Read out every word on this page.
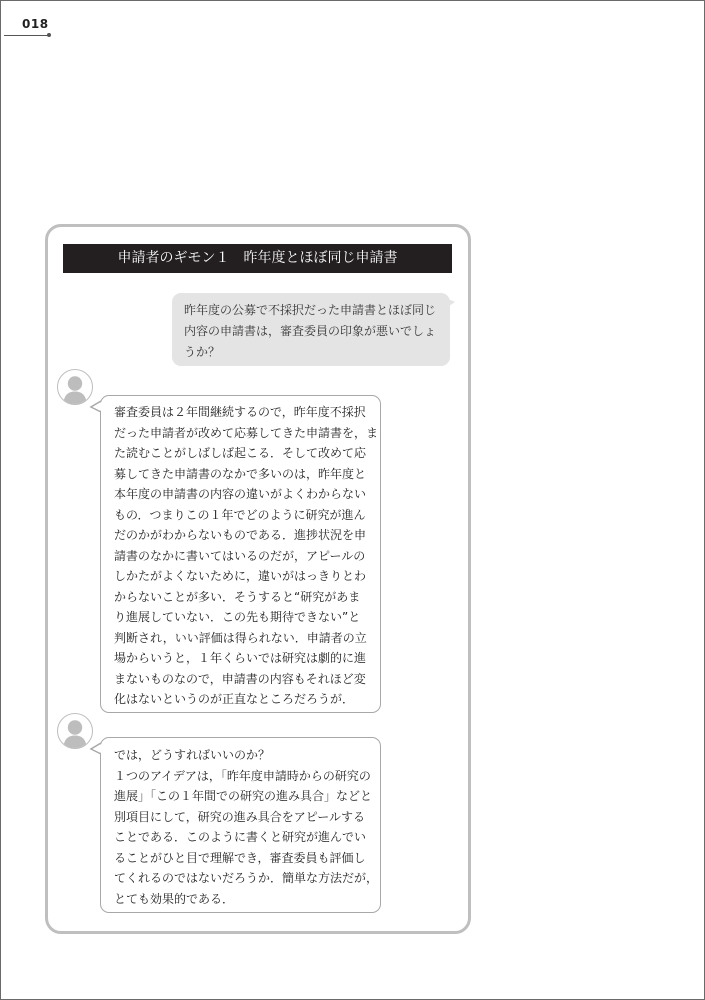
018
申請者のギモン１　昨年度とほぼ同じ申請書
昨年度の公募で不採択だった申請書とほぼ同じ
内容の申請書は，審査委員の印象が悪いでしょ
うか？
審査委員は２年間継続するので，昨年度不採択
だった申請者が改めて応募してきた申請書を，ま
た読むことがしばしば起こる．そして改めて応
募してきた申請書のなかで多いのは，昨年度と
本年度の申請書の内容の違いがよくわからない
もの．つまりこの１年でどのように研究が進ん
だのかがわからないものである．進捗状況を申
請書のなかに書いてはいるのだが，アピールの
しかたがよくないために，違いがはっきりとわ
からないことが多い．そうすると“研究があま
り進展していない．この先も期待できない”と
判断され，いい評価は得られない．申請者の立
場からいうと，１年くらいでは研究は劇的に進
まないものなので，申請書の内容もそれほど変
化はないというのが正直なところだろうが．
では，どうすればいいのか？
１つのアイデアは，「昨年度申請時からの研究の
進展」「この１年間での研究の進み具合」などと
別項目にして，研究の進み具合をアピールする
ことである．このように書くと研究が進んでい
ることがひと目で理解でき，審査委員も評価し
てくれるのではないだろうか．簡単な方法だが，
とても効果的である．
